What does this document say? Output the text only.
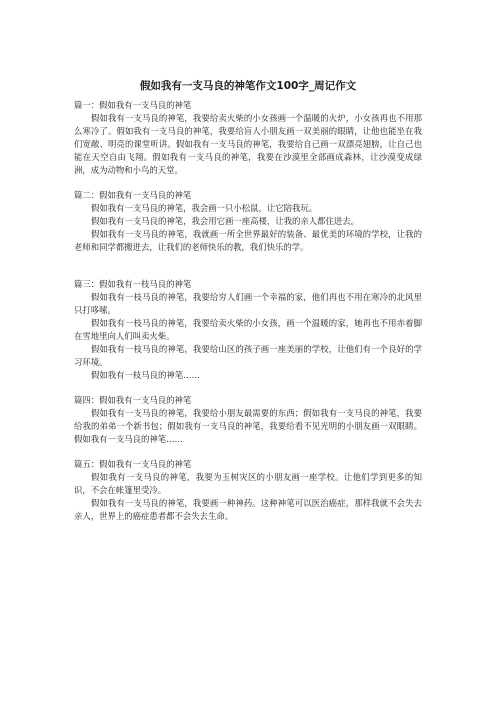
假如我有一支马良的神笔作文100字_周记作文

篇一：假如我有一支马良的神笔

假如我有一支马良的神笔，我要给卖火柴的小女孩画一个温暖的火炉，小女孩再也不用那么寒冷了。假如我有一支马良的神笔，我要给盲人小朋友画一双美丽的眼睛，让他也能坐在我们宽敞、明亮的课堂听讲。假如我有一支马良的神笔，我要给自己画一双漂亮翅膀，让自己也能在天空自由飞翔。假如我有一支马良的神笔，我要在沙漠里全部画成森林，让沙漠变成绿洲，成为动物和小鸟的天堂。

篇二：假如我有一支马良的神笔

假如我有一支马良的神笔，我会画一只小松鼠，让它陪我玩。

假如我有一支马良的神笔，我会用它画一座高楼，让我的亲人都住进去。

假如我有一支马良的神笔，我就画一所全世界最好的装备、最优美的环境的学校，让我的老师和同学都搬进去，让我们的老师快乐的教，我们快乐的学。

篇三：假如我有一枝马良的神笔

假如我有一枝马良的神笔，我要给穷人们画一个幸福的家，他们再也不用在寒冷的北风里只打哆嗦。

假如我有一枝马良的神笔，我要给卖火柴的小女孩，画一个温暖的家，她再也不用赤着脚在雪地里向人们叫卖火柴。

假如我有一枝马良的神笔，我要给山区的孩子画一座美丽的学校，让他们有一个良好的学习环境。

假如我有一枝马良的神笔……

篇四：假如我有一支马良的神笔

假如我有一支马良的神笔，我要给小朋友最需要的东西；假如我有一支马良的神笔，我要给我的弟弟一个新书包；假如我有一支马良的神笔，我要给看不见光明的小朋友画一双眼睛。假如我有一支马良的神笔……

篇五：假如我有一支马良的神笔

假如我有一支马良的神笔，我要为玉树灾区的小朋友画一座学校。让他们学到更多的知识，不会在帐篷里受冷。

假如我有一支马良的神笔，我要画一种神药。这种神笔可以医治癌症，那样我就不会失去亲人，世界上的癌症患者都不会失去生命。
